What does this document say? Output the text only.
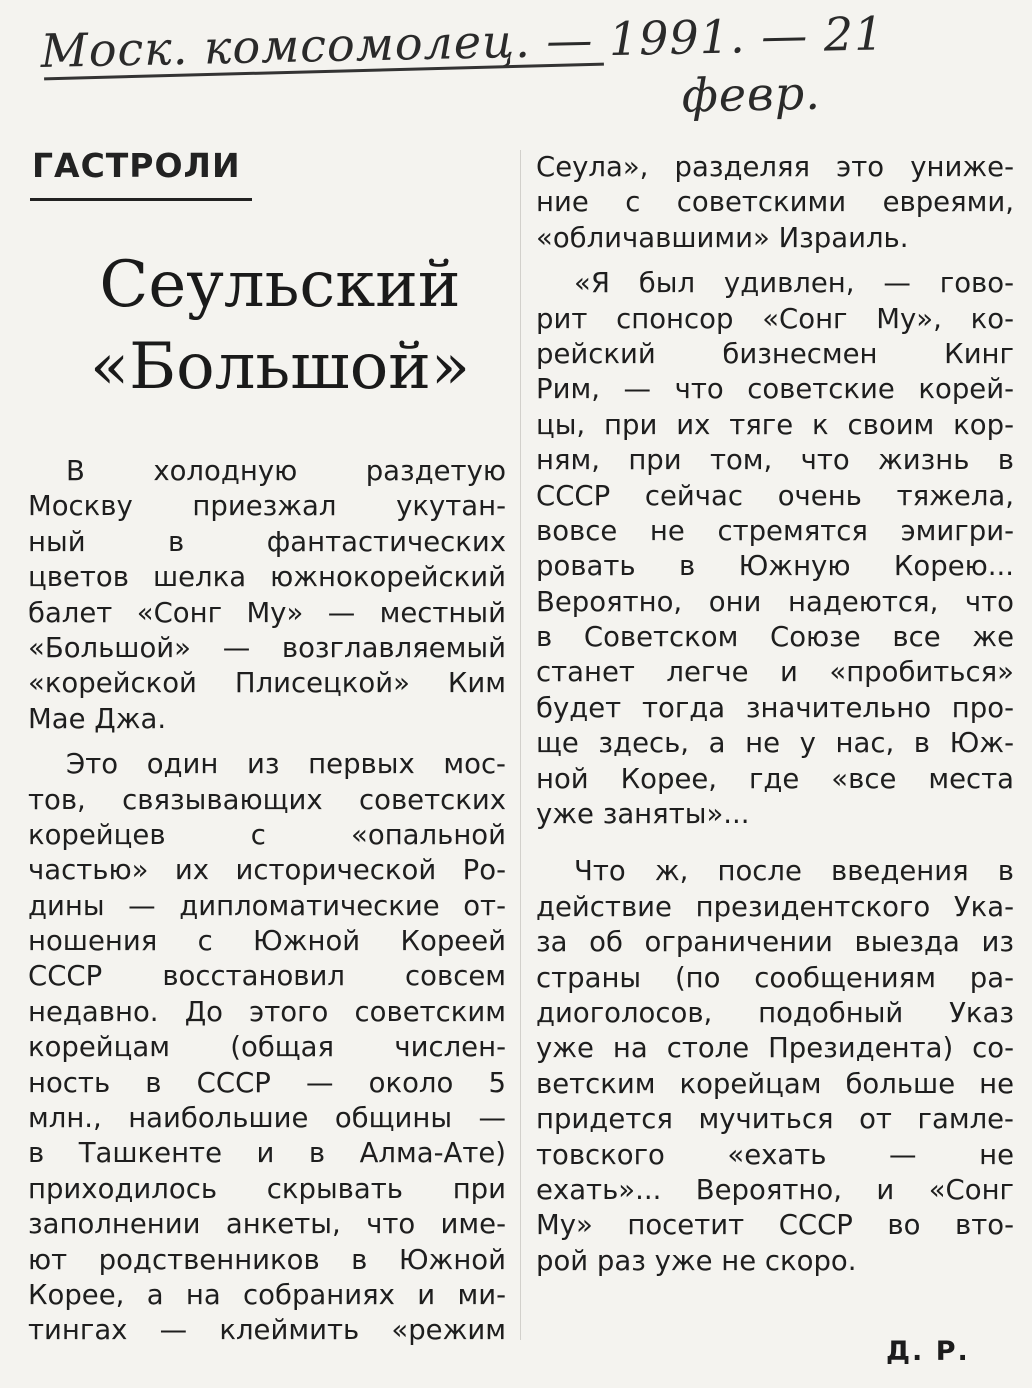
Моск. комсомолец. — 1991. — 21
февр.
ГАСТРОЛИ
Сеульский
«Большой»
В холодную раздетую
Москву приезжал укутан-
ный в фантастических
цветов шелка южнокорейский
балет «Сонг Му» — местный
«Большой» — возглавляемый
«корейской Плисецкой» Ким
Мае Джа.
Это один из первых мос-
тов, связывающих советских
корейцев с «опальной
частью» их исторической Ро-
дины — дипломатические от-
ношения с Южной Кореей
СССР восстановил совсем
недавно. До этого советским
корейцам (общая числен-
ность в СССР — около 5
млн., наибольшие общины —
в Ташкенте и в Алма-Ате)
приходилось скрывать при
заполнении анкеты, что име-
ют родственников в Южной
Корее, а на собраниях и ми-
тингах — клеймить «режим
Сеула», разделяя это униже-
ние с советскими евреями,
«обличавшими» Израиль.
«Я был удивлен, — гово-
рит спонсор «Сонг Му», ко-
рейский бизнесмен Кинг
Рим, — что советские корей-
цы, при их тяге к своим кор-
ням, при том, что жизнь в
СССР сейчас очень тяжела,
вовсе не стремятся эмигри-
ровать в Южную Корею...
Вероятно, они надеются, что
в Советском Союзе все же
станет легче и «пробиться»
будет тогда значительно про-
ще здесь, а не у нас, в Юж-
ной Корее, где «все места
уже заняты»...
Что ж, после введения в
действие президентского Ука-
за об ограничении выезда из
страны (по сообщениям ра-
диоголосов, подобный Указ
уже на столе Президента) со-
ветским корейцам больше не
придется мучиться от гамле-
товского «ехать — не
ехать»... Вероятно, и «Сонг
Му» посетит СССР во вто-
рой раз уже не скоро.
Д. Р.
